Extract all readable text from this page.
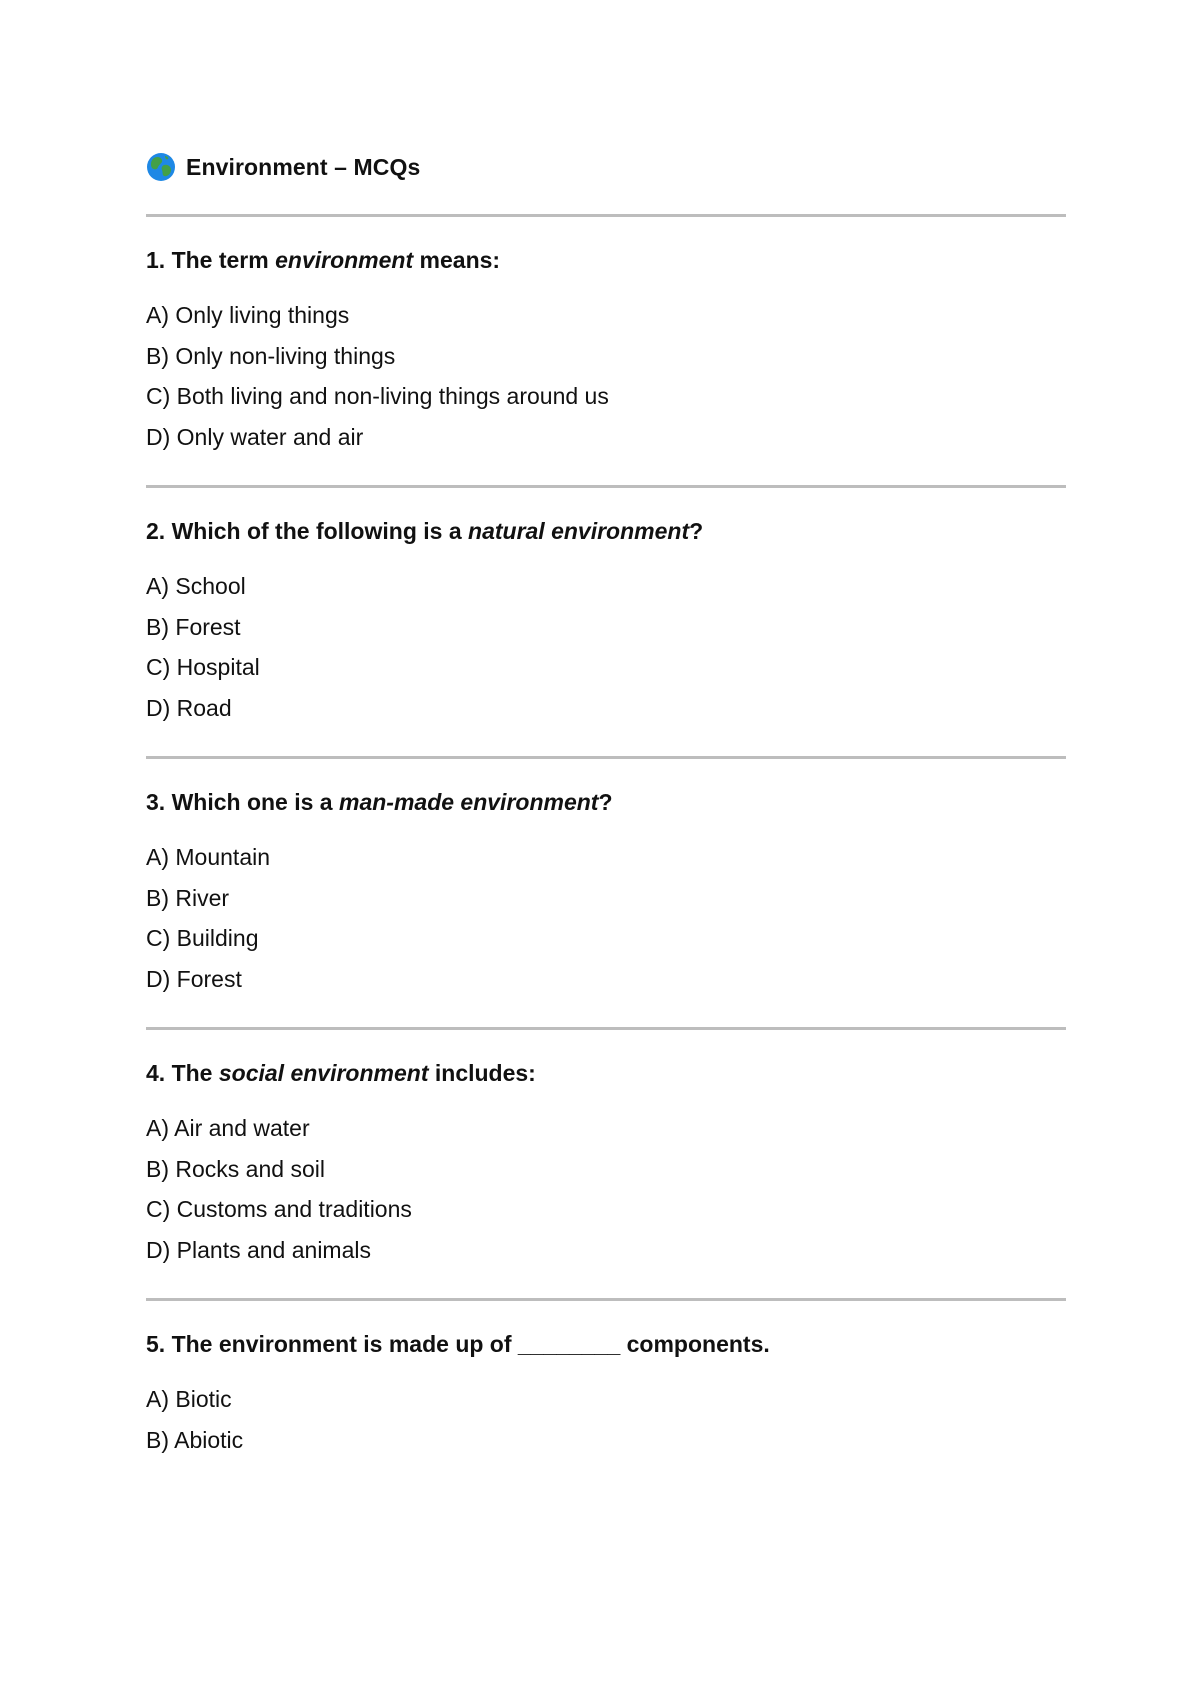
Environment – MCQs
1. The term environment means:
A) Only living things
B) Only non-living things
C) Both living and non-living things around us
D) Only water and air
2. Which of the following is a natural environment?
A) School
B) Forest
C) Hospital
D) Road
3. Which one is a man-made environment?
A) Mountain
B) River
C) Building
D) Forest
4. The social environment includes:
A) Air and water
B) Rocks and soil
C) Customs and traditions
D) Plants and animals
5. The environment is made up of ________ components.
A) Biotic
B) Abiotic
